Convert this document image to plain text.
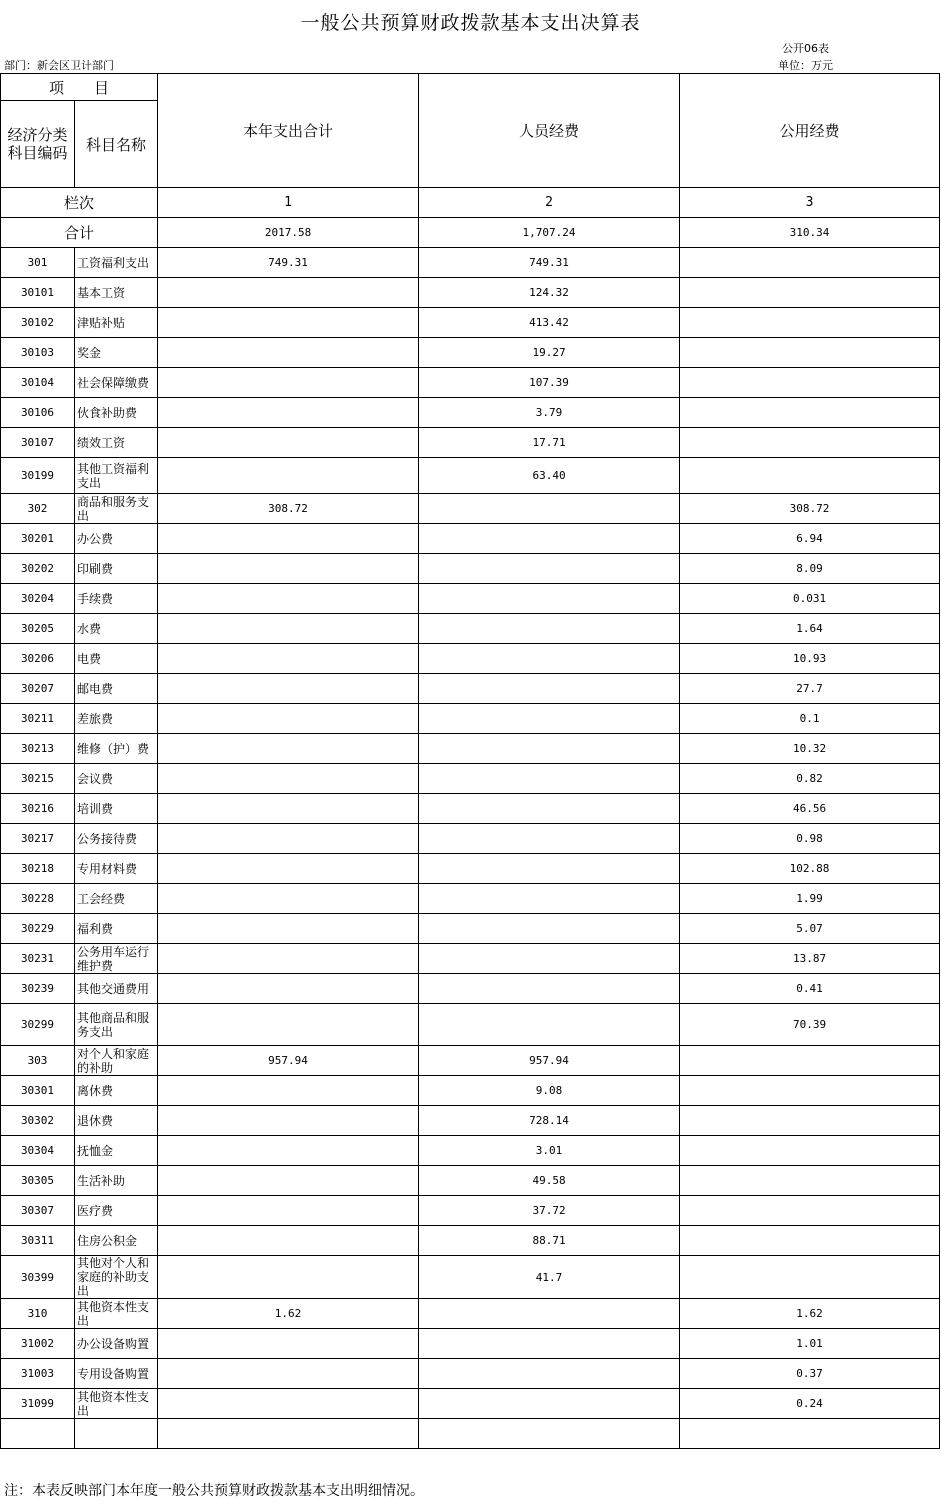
一般公共预算财政拨款基本支出决算表
公开06表
部门：新会区卫计部门	单位：万元
项　　目		本年支出合计	人员经费	公用经费
经济分类科目编码	科目名称			
栏次		1	2	3
合计		2017.58	1,707.24	310.34
301	工资福利支出	749.31	749.31	
30101	基本工资		124.32	
30102	津贴补贴		413.42	
30103	奖金		19.27	
30104	社会保障缴费		107.39	
30106	伙食补助费		3.79	
30107	绩效工资		17.71	
30199	其他工资福利支出		63.40	
302	商品和服务支出	308.72		308.72
30201	办公费			6.94
30202	印刷费			8.09
30204	手续费			0.031
30205	水费			1.64
30206	电费			10.93
30207	邮电费			27.7
30211	差旅费			0.1
30213	维修（护）费			10.32
30215	会议费			0.82
30216	培训费			46.56
30217	公务接待费			0.98
30218	专用材料费			102.88
30228	工会经费			1.99
30229	福利费			5.07
30231	公务用车运行维护费			13.87
30239	其他交通费用			0.41
30299	其他商品和服务支出			70.39
303	对个人和家庭的补助	957.94	957.94	
30301	离休费		9.08	
30302	退休费		728.14	
30304	抚恤金		3.01	
30305	生活补助		49.58	
30307	医疗费		37.72	
30311	住房公积金		88.71	
30399	其他对个人和家庭的补助支出		41.7	
310	其他资本性支出	1.62		1.62
31002	办公设备购置			1.01
31003	专用设备购置			0.37
31099	其他资本性支出			0.24

注：本表反映部门本年度一般公共预算财政拨款基本支出明细情况。
